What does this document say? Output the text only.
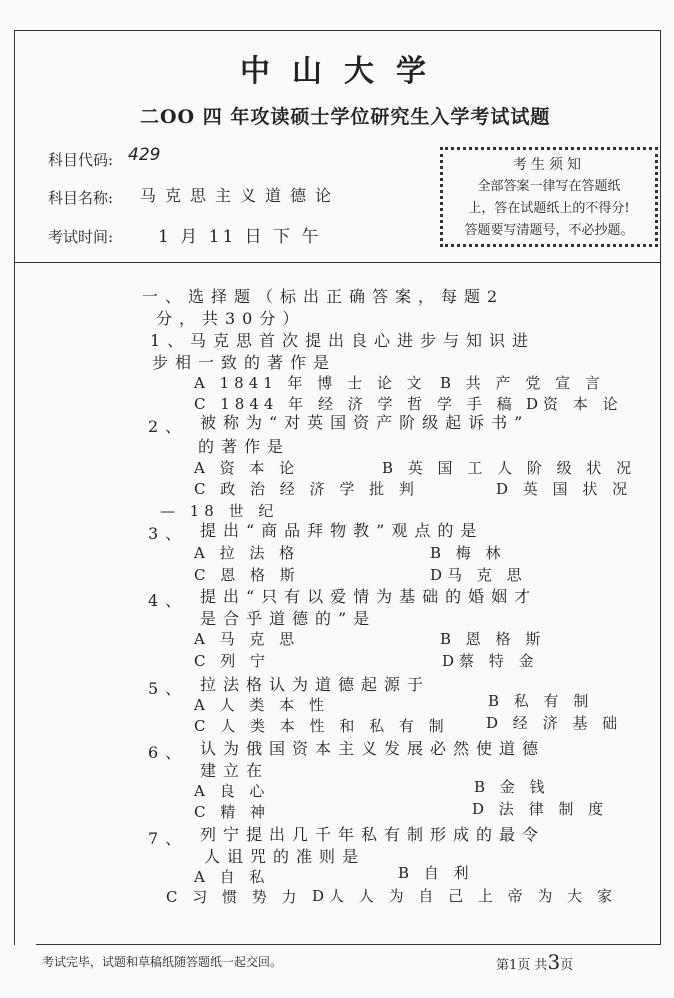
中山大学
二OO 四 年攻读硕士学位研究生入学考试试题
科目代码: 429
科目名称: 马克思主义道德论
考试时间:	1 月 11 日 下 午
考生须知
全部答案一律写在答题纸
上，答在试题纸上的不得分!
答题要写清题号，不必抄题。
一、选择题（标出正确答案，每题2
分，共30分）
1、 马克思首次提出良心进步与知识进
步相一致的著作是
A 1841 年 博 士 论 文 B 共 产 党 宣 言
C 1844 年 经 济 学 哲 学 手 稿 D资 本 论
2、 被称为“对英国资产阶级起诉书”
的著作是
A 资 本 论	B 英 国 工 人 阶 级 状 况
C 政 治 经 济 学 批 判	D 英 国 状 况
— 18 世 纪
3、 提出“商品拜物教”观点的是
A 拉 法 格	B 梅 林
C 恩 格 斯	D马 克 思
4、 提出“只有以爱情为基础的婚姻才
是合乎道德的”是
A 马 克 思	B 恩 格 斯
C 列 宁	D蔡 特 金
5、 拉法格认为道德起源于
A 人 类 本 性	B 私 有 制
C 人 类 本 性 和 私 有 制 D 经 济 基 础
6、 认为俄国资本主义发展必然使道德
建立在
A 良 心	B 金 钱
C 精 神	D 法 律 制 度
7、 列宁提出几千年私有制形成的最令
人诅咒的准则是
A 自 私	B 自 利
C 习 惯 势 力 D人 人 为 自 己 上 帝 为 大 家
考试完毕，试题和草稿纸随答题纸一起交回。	第1页 共3页
